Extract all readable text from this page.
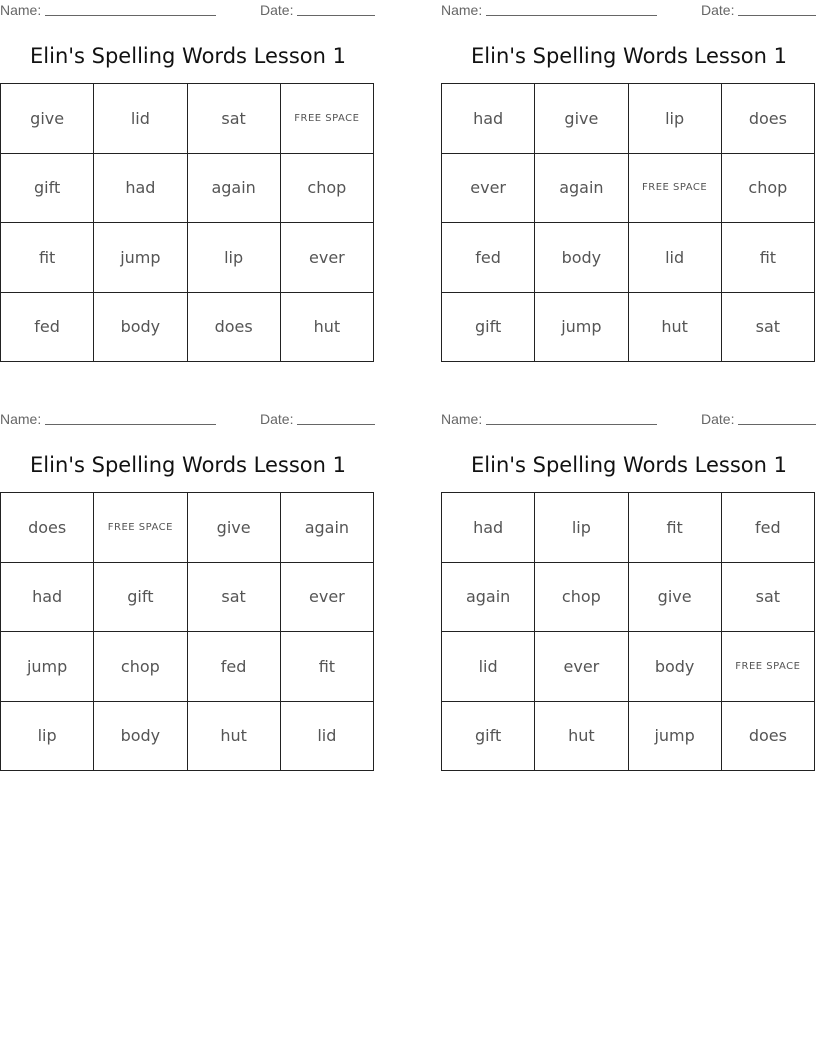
Name:	Date:
Elin's Spelling Words Lesson 1
give	lid	sat	FREE SPACE
gift	had	again	chop
fit	jump	lip	ever
fed	body	does	hut
Name:	Date:
Elin's Spelling Words Lesson 1
had	give	lip	does
ever	again	FREE SPACE	chop
fed	body	lid	fit
gift	jump	hut	sat
Name:	Date:
Elin's Spelling Words Lesson 1
does	FREE SPACE	give	again
had	gift	sat	ever
jump	chop	fed	fit
lip	body	hut	lid
Name:	Date:
Elin's Spelling Words Lesson 1
had	lip	fit	fed
again	chop	give	sat
lid	ever	body	FREE SPACE
gift	hut	jump	does
